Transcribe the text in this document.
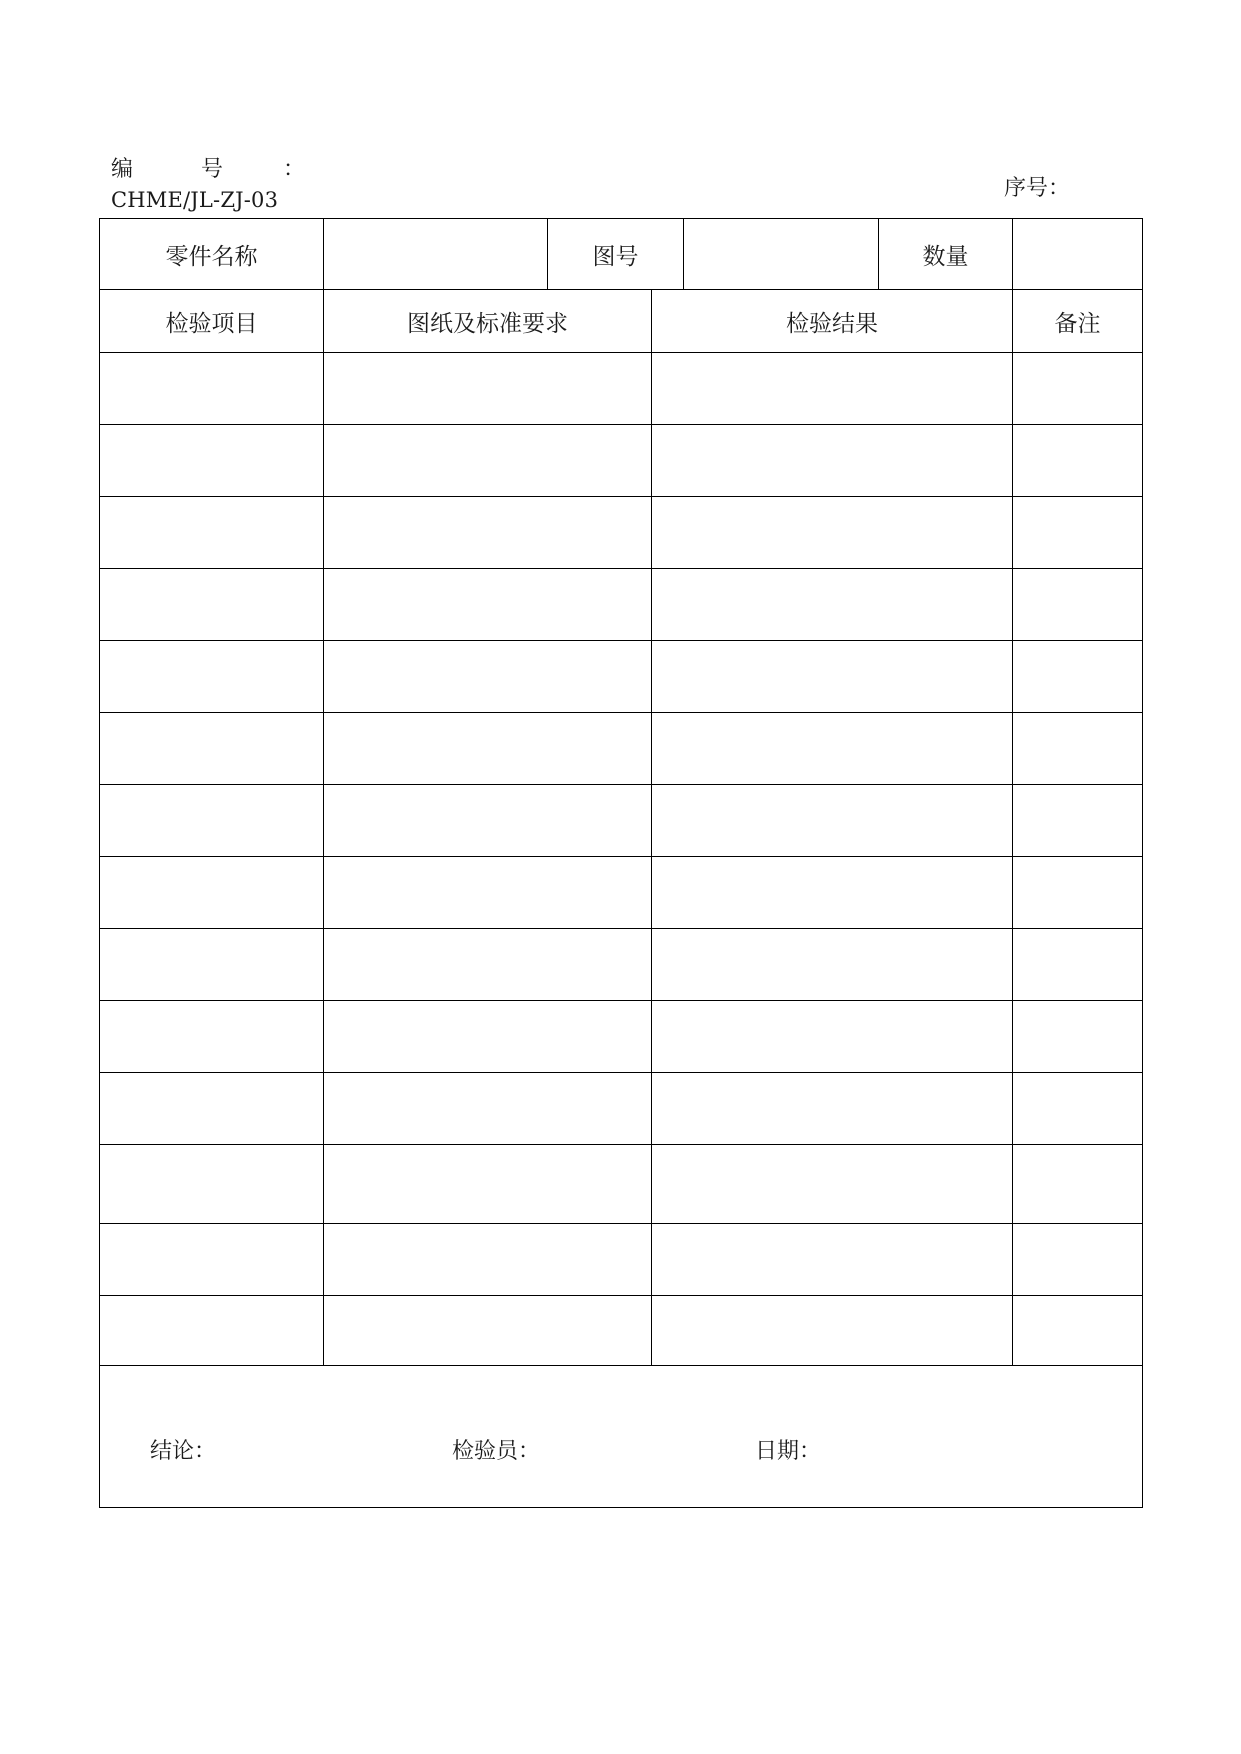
编	号	：
CHME/JL-ZJ-03	序号：
零件名称		图号			数量	
检验项目	图纸及标准要求		检验结果			备注

结论： 检验员： 日期：						
